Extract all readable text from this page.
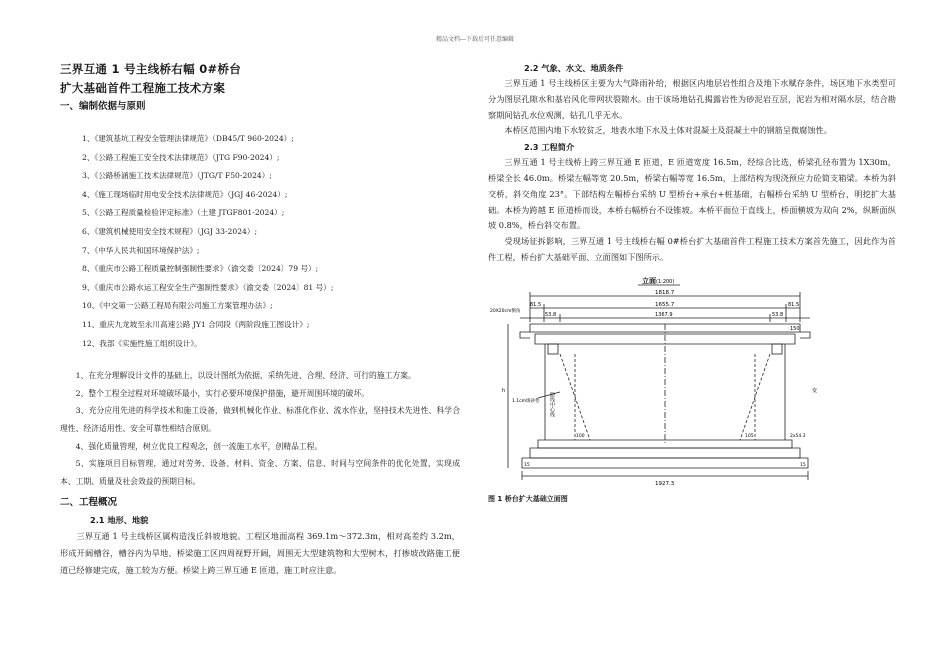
精品文档---下载后可任意编辑
三界互通 1 号主线桥右幅 0#桥台
扩大基础首件工程施工技术方案
一、编制依据与原则
1、《建筑基坑工程安全管理法律规范》（DB45/T 960-2024）;
2、《公路工程施工安全技术法律规范》（JTG F90-2024）;
3、《公路桥涵施工技术法律规范》（JTG/T F50-2024）;
4、《施工现场临时用电安全技术法律规范》（JGJ 46-2024）;
5、《公路工程质量检验评定标准》（土建 JTGF801-2024）;
6、《建筑机械使用安全技术规程》（JGJ 33-2024）;
7、《中华人民共和国环境保护法》;
8、《重庆市公路工程质量控制强制性要求》（渝交委〔2024〕79 号）;
9、《重庆市公路水运工程安全生产强制性要求》（渝交委〔2024〕81 号）;
10、《中交第一公路工程局有限公司施工方案管理办法》;
11、重庆九龙坡至永川高速公路 JY1 合同段《两阶段施工图设计》;
12、我部《实施性施工组织设计》。
1、在充分理解设计文件的基础上，以设计图纸为依据，采纳先进、合理、经济、可行的施工方案。
2、整个工程全过程对环境破坏最小，实行必要环境保护措施，避开周围环境的破坏。
3、充分应用先进的科学技术和施工设备，做到机械化作业、标准化作业、流水作业，坚持技术先进性、科学合理性、经济适用性、安全可靠性相结合原则。
4、强化质量管理，树立优良工程观念，创一流施工水平，创精品工程。
5、实施项目目标管理，通过对劳务、设备、材料、资金、方案、信息、时间与空间条件的优化处置，实现成本、工期、质量及社会效益的预期目标。
二、工程概况
2.1 地形、地貌
三界互通 1 号主线桥区属构造浅丘斜坡地貌。工程区地面高程 369.1m～372.3m，相对高差约 3.2m，形成开阔槽谷，槽谷内为旱地、桥梁施工区四周视野开阔，周围无大型建筑物和大型树木，打掺坡改路施工便道已经修建完成，施工较为方便。桥梁上跨三界互通 E 匝道，施工时应注意。
2.2 气象、水文、地质条件
三界互通 1 号主线桥区主要为大气降雨补给，根据区内地层岩性组合及地下水赋存条件，场区地下水类型可分为图层孔隙水和基岩风化带网状裂隙水。由于该场地钻孔揭露岩性为砂泥岩互层，泥岩为相对隔水层，结合勘察期间钻孔水位观测，钻孔几乎无水。
本桥区范围内地下水较贫乏，地表水地下水及土体对混凝土及混凝土中的钢筋呈微腐蚀性。
2.3 工程简介
三界互通 1 号主线桥上跨三界互通 E 匝道，E 匝道宽度 16.5m，经综合比选，桥梁孔径布置为 1X30m，桥梁全长 46.0m。桥梁左幅等宽 20.5m，桥梁右幅等宽 16.5m，上部结构为现浇预应力砼简支箱梁。本桥为斜交桥，斜交角度 23°。下部结构左幅桥台采纳 U 型桥台+承台+桩基础，右幅桥台采纳 U 型桥台，明挖扩大基础。本桥为跨越 E 匝道桥而设，本桥右幅桥台不设锥坡。本桥平面位于直线上，桥面横坡为双向 2%，纵断面纵坡 0.8%，桥台斜交布置。
受现场征拆影响，三界互通 1 号主线桥右幅 0#桥台扩大基础首件工程施工技术方案首先施工，因此作为首件工程，桥台扩大基础平面、立面图如下图所示。
立面 (1:200)
1818.7
1655.7
81.5	81.5
53.8	1367.9	53.8
150
20X20cm倒角
1.1cm填砂垫
2x54.3
1927.3
h	变
路线中心线
100	105
15	15
图 1 桥台扩大基础立面图
